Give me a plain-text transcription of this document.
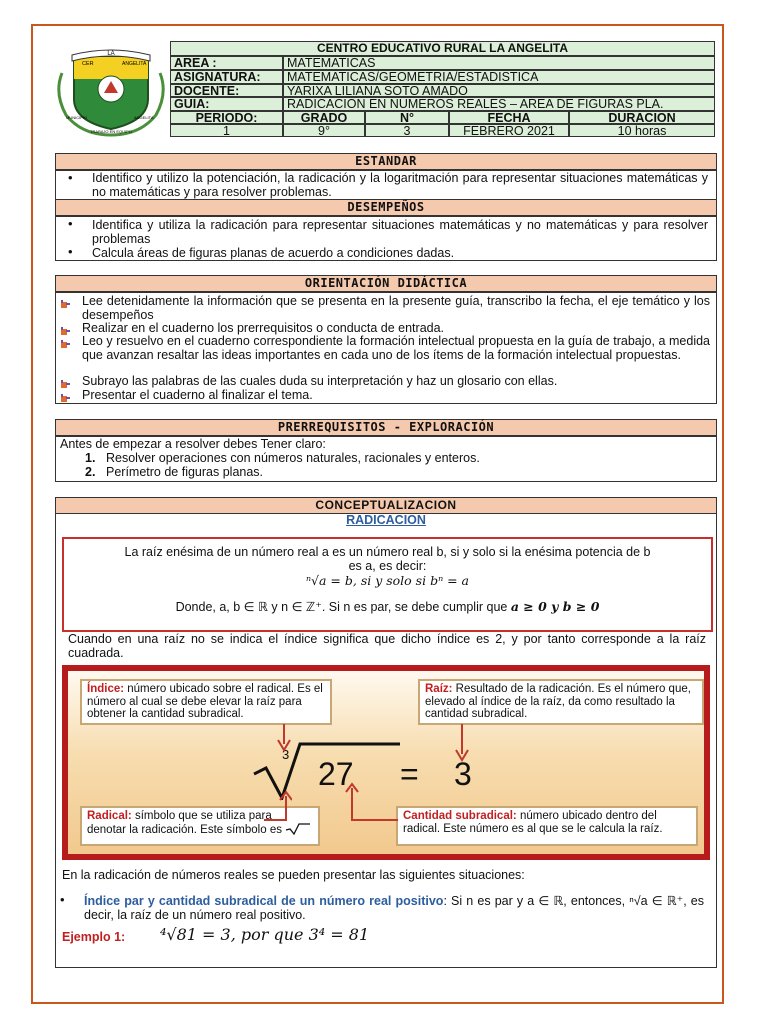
LA
CER	ANGELITA
MUNICIPIO	ANGELITA
TRABAJO EN EQUIPO
CENTRO EDUCATIVO RURAL LA ANGELITA
AREA :	MATEMATICAS
ASIGNATURA:	MATEMATICAS/GEOMETRIA/ESTADISTICA
DOCENTE:	YARIXA LILIANA SOTO AMADO
GUIA:	RADICACION EN NUMEROS REALES – AREA DE FIGURAS PLA.
PERIODO:	GRADO	N°	FECHA	DURACION
1	9°	3	FEBRERO 2021	10 horas
ESTANDAR
• Identifico y utilizo la potenciación, la radicación y la logaritmación para representar situaciones matemáticas y no matemáticas y para resolver problemas.
DESEMPEÑOS
• Identifica y utiliza la radicación para representar situaciones matemáticas y no matemáticas y para resolver problemas
• Calcula áreas de figuras planas de acuerdo a condiciones dadas.
ORIENTACIÓN DIDÁCTICA
Lee detenidamente la información que se presenta en la presente guía, transcribo la fecha, el eje temático y los desempeños
Realizar en el cuaderno los prerrequisitos o conducta de entrada.
Leo y resuelvo en el cuaderno correspondiente la formación intelectual propuesta en la guía de trabajo, a medida que avanzan resaltar las ideas importantes en cada uno de los ítems de la formación intelectual propuestas.
Subrayo las palabras de las cuales duda su interpretación y haz un glosario con ellas.
Presentar el cuaderno al finalizar el tema.
PRERREQUISITOS - EXPLORACIÓN
Antes de empezar a resolver debes Tener claro:
1. Resolver operaciones con números naturales, racionales y enteros.
2. Perímetro de figuras planas.
CONCEPTUALIZACION
RADICACION
La raíz enésima de un número real a es un número real b, si y solo si la enésima potencia de b
es a, es decir:
ⁿ√a = b, si y solo si bⁿ = a
Donde, a, b ∈ ℝ y n ∈ ℤ⁺. Si n es par, se debe cumplir que a ≥ 0 y b ≥ 0
Cuando en una raíz no se indica el índice significa que dicho índice es 2, y por tanto corresponde a la raíz cuadrada.
Índice: número ubicado sobre el radical. Es el número al cual se debe elevar la raíz para obtener la cantidad subradical.
Raíz: Resultado de la radicación. Es el número que, elevado al índice de la raíz, da como resultado la cantidad subradical.
Radical: símbolo que se utiliza para denotar la radicación. Este símbolo es
Cantidad subradical: número ubicado dentro del radical. Este número es al que se le calcula la raíz.
3
27 = 3
En la radicación de números reales se pueden presentar las siguientes situaciones:
• Índice par y cantidad subradical de un número real positivo: Si n es par y a ∈ ℝ, entonces, ⁿ√a ∈ ℝ⁺, es decir, la raíz de un número real positivo.
Ejemplo 1: ⁴√81 = 3, por que 3⁴ = 81
